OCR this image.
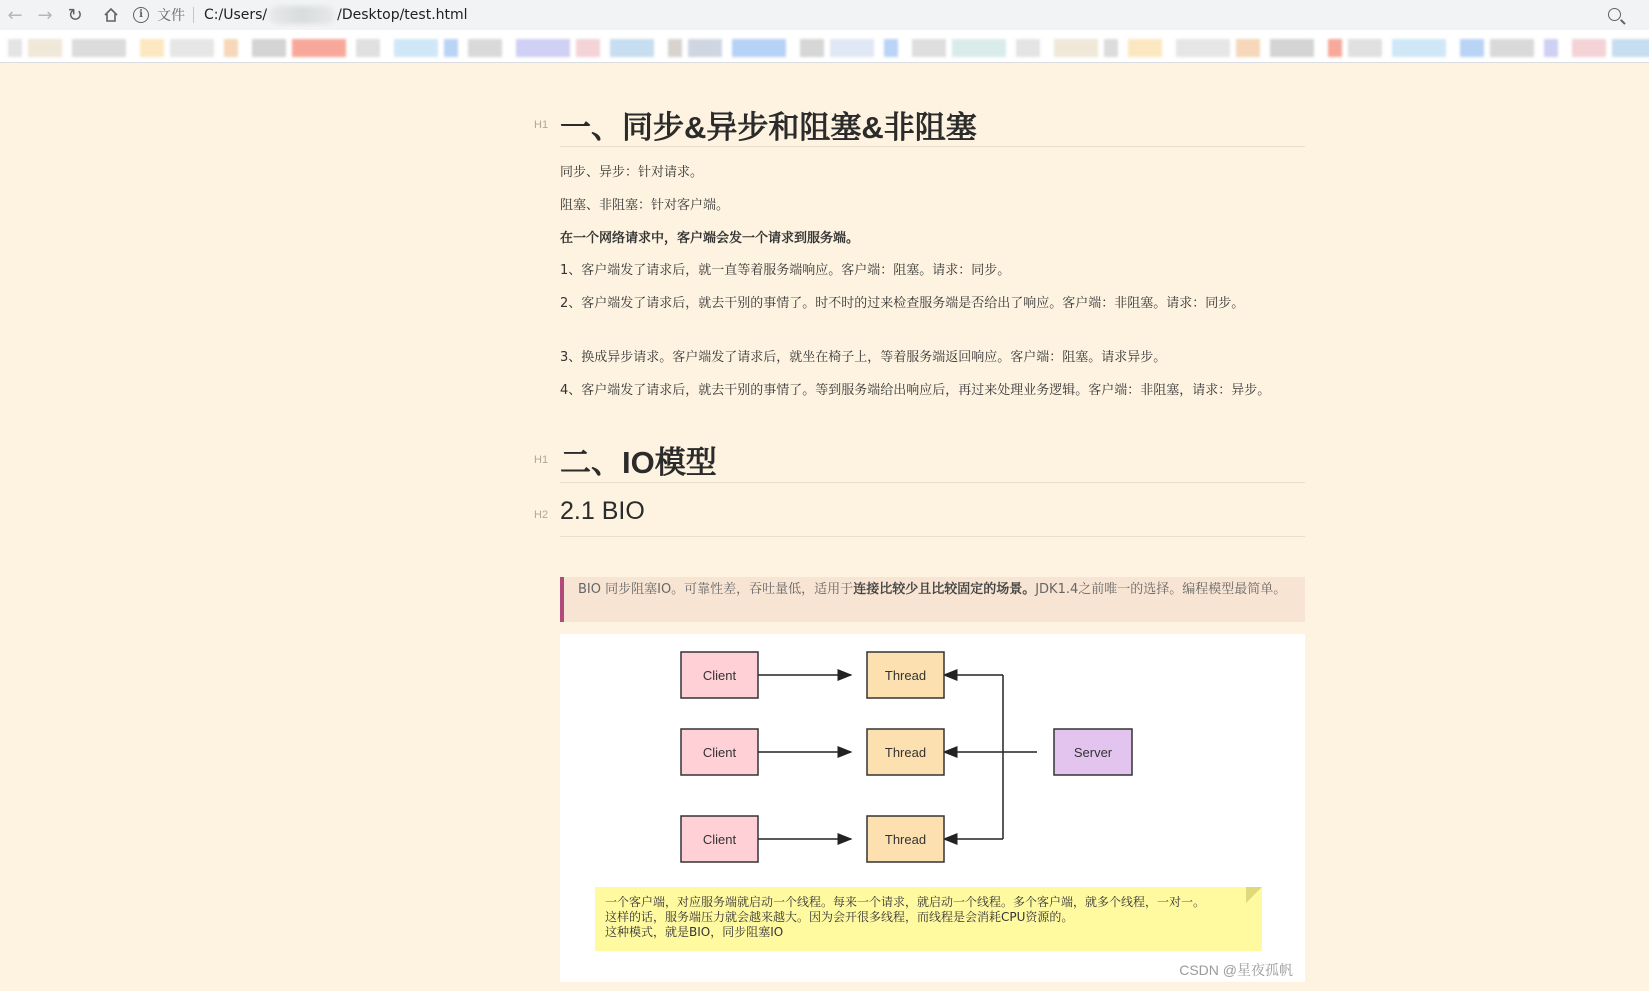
← → ↻	i	文件 C:/Users/	/Desktop/test.html
H1 一、同步&异步和阻塞&非阻塞
同步、异步：针对请求。
阻塞、非阻塞：针对客户端。
在一个网络请求中，客户端会发一个请求到服务端。
1、客户端发了请求后，就一直等着服务端响应。客户端：阻塞。请求：同步。
2、客户端发了请求后，就去干别的事情了。时不时的过来检查服务端是否给出了响应。客户端：非阻塞。请求：同步。
3、换成异步请求。客户端发了请求后，就坐在椅子上，等着服务端返回响应。客户端：阻塞。请求异步。
4、客户端发了请求后，就去干别的事情了。等到服务端给出响应后，再过来处理业务逻辑。客户端：非阻塞，请求：异步。
H1 二、IO模型
H2 2.1 BIO
BIO 同步阻塞IO。可靠性差，吞吐量低，适用于连接比较少且比较固定的场景。JDK1.4之前唯一的选择。编程模型最简单。
Client
Client
Client
Thread
Thread
Thread
Server
一个客户端，对应服务端就启动一个线程。每来一个请求，就启动一个线程。多个客户端，就多个线程，一对一。
这样的话，服务端压力就会越来越大。因为会开很多线程，而线程是会消耗CPU资源的。
这种模式，就是BIO，同步阻塞IO
CSDN @星夜孤帆
